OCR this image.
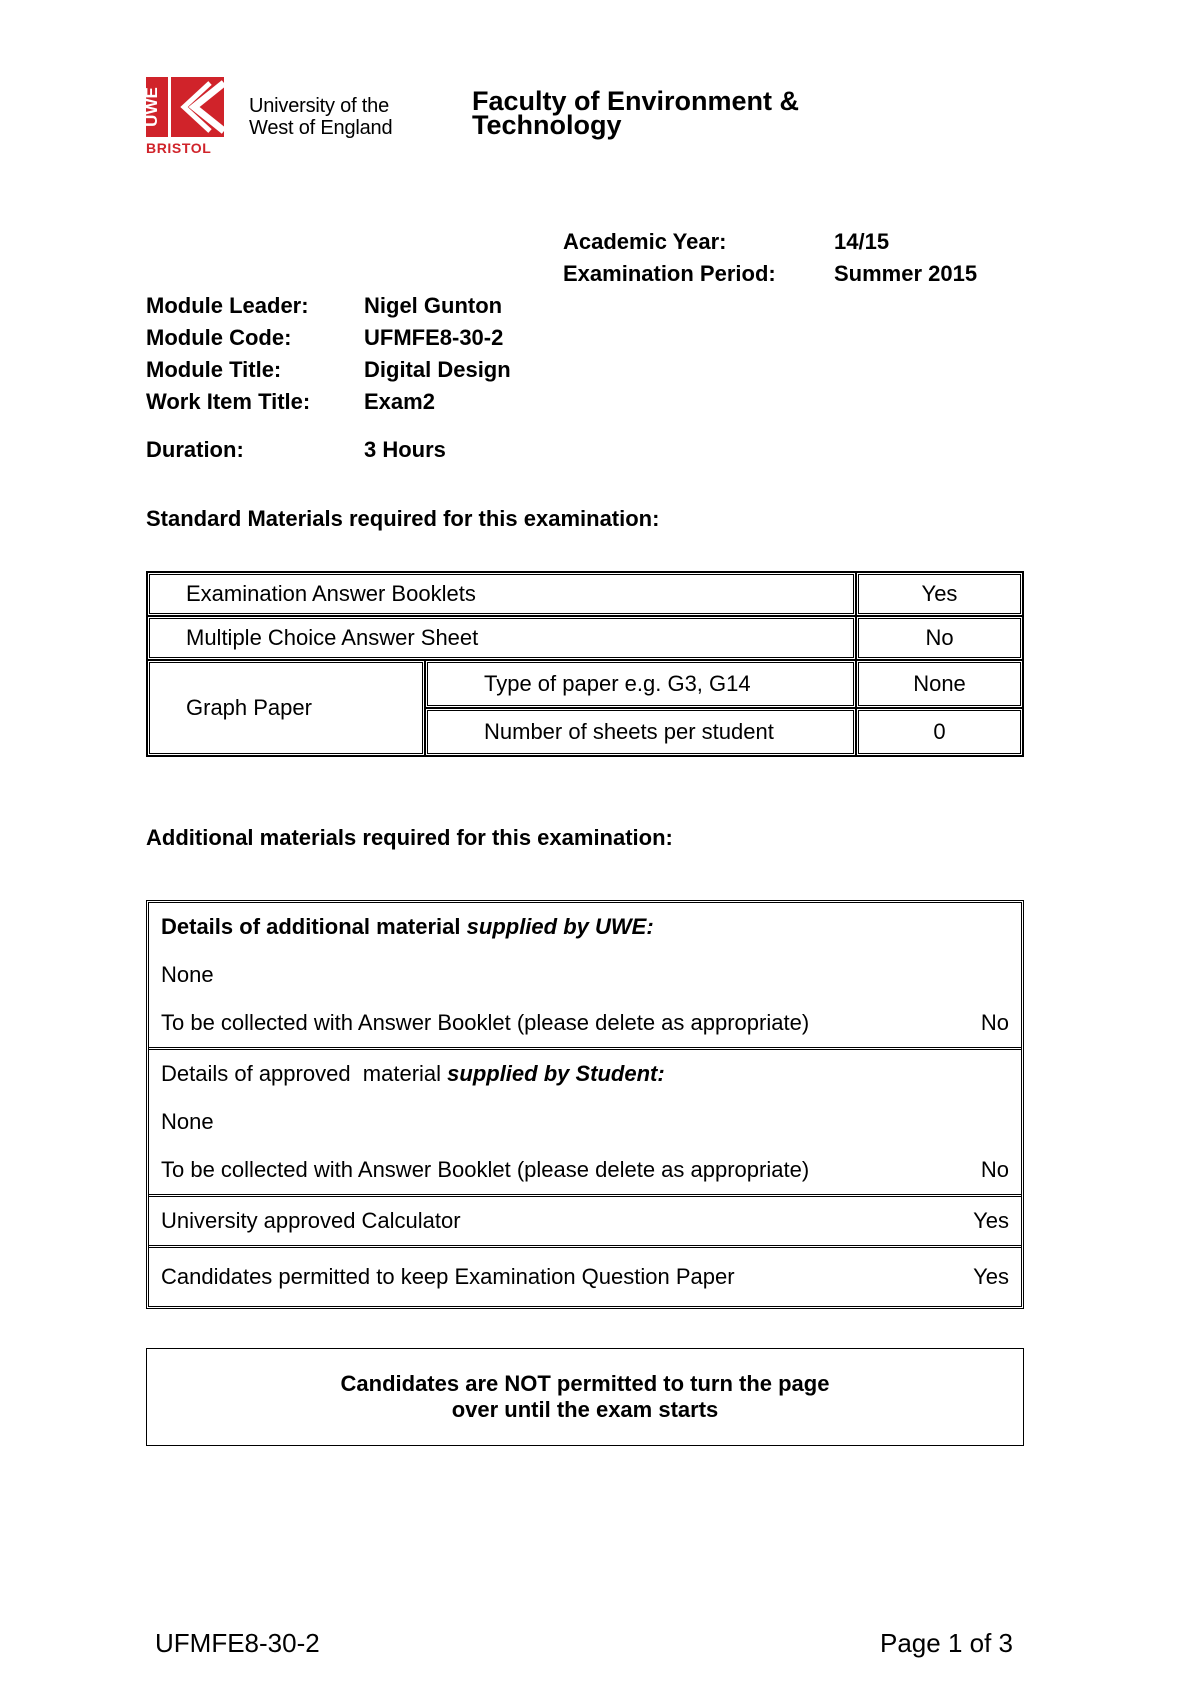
UWE
BRISTOL
University of the
West of England
Faculty of Environment &
Technology
Academic Year:	14/15
Examination Period:	Summer 2015
Module Leader:	Nigel Gunton
Module Code:	UFMFE8-30-2
Module Title:	Digital Design
Work Item Title: Exam2
Duration:	3 Hours
Standard Materials required for this examination:
Examination Answer Booklets		Yes
Multiple Choice Answer Sheet		No
Graph Paper	Type of paper e.g. G3, G14	None
	Number of sheets per student	0
Additional materials required for this examination:
Details of additional material supplied by UWE:
None
To be collected with Answer Booklet (please delete as appropriate)	No

Details of approved  material supplied by Student:
None
To be collected with Answer Booklet (please delete as appropriate)	No

University approved Calculator	Yes

Candidates permitted to keep Examination Question Paper	Yes
Candidates are NOT permitted to turn the page
over until the exam starts
UFMFE8-30-2	Page 1 of 3
